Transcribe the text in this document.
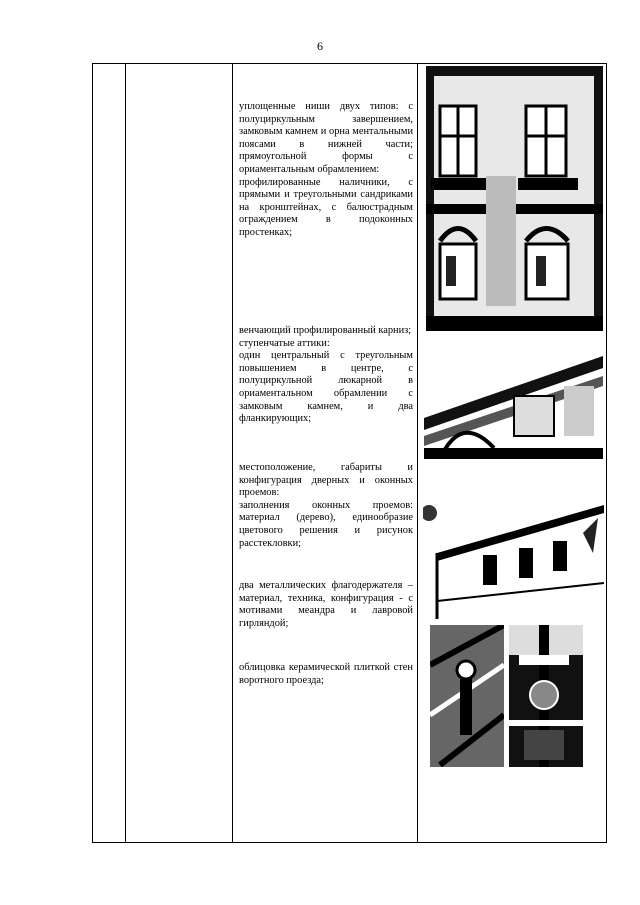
6

уплощенные ниши двух типов: с полуциркульным завершением, замковым камнем и орна ментальными поясами в нижней части; прямоугольной формы с ориаментальным обрамлением:

профилированные наличники, с прямыми и треугольными сандриками на кронштейнах, с балюстрадным ограждением в подоконных простенках;

венчающий профилированный карниз;

ступенчатые аттики:

один центральный с треугольным повышением в центре, с полуциркульной люкарной в ориаментальном обрамлении с замковым камнем, и два фланкирующих;

местоположение, габариты и конфигурация дверных и оконных проемов:

заполнения оконных проемов: материал (дерево), единообразие цветового решения и рисунок расстекловки;

два металлических флагодержателя – материал, техника, конфигурация - с мотивами меандра и лавровой гирляндой;

облицовка керамической плиткой стен воротного проезда;
